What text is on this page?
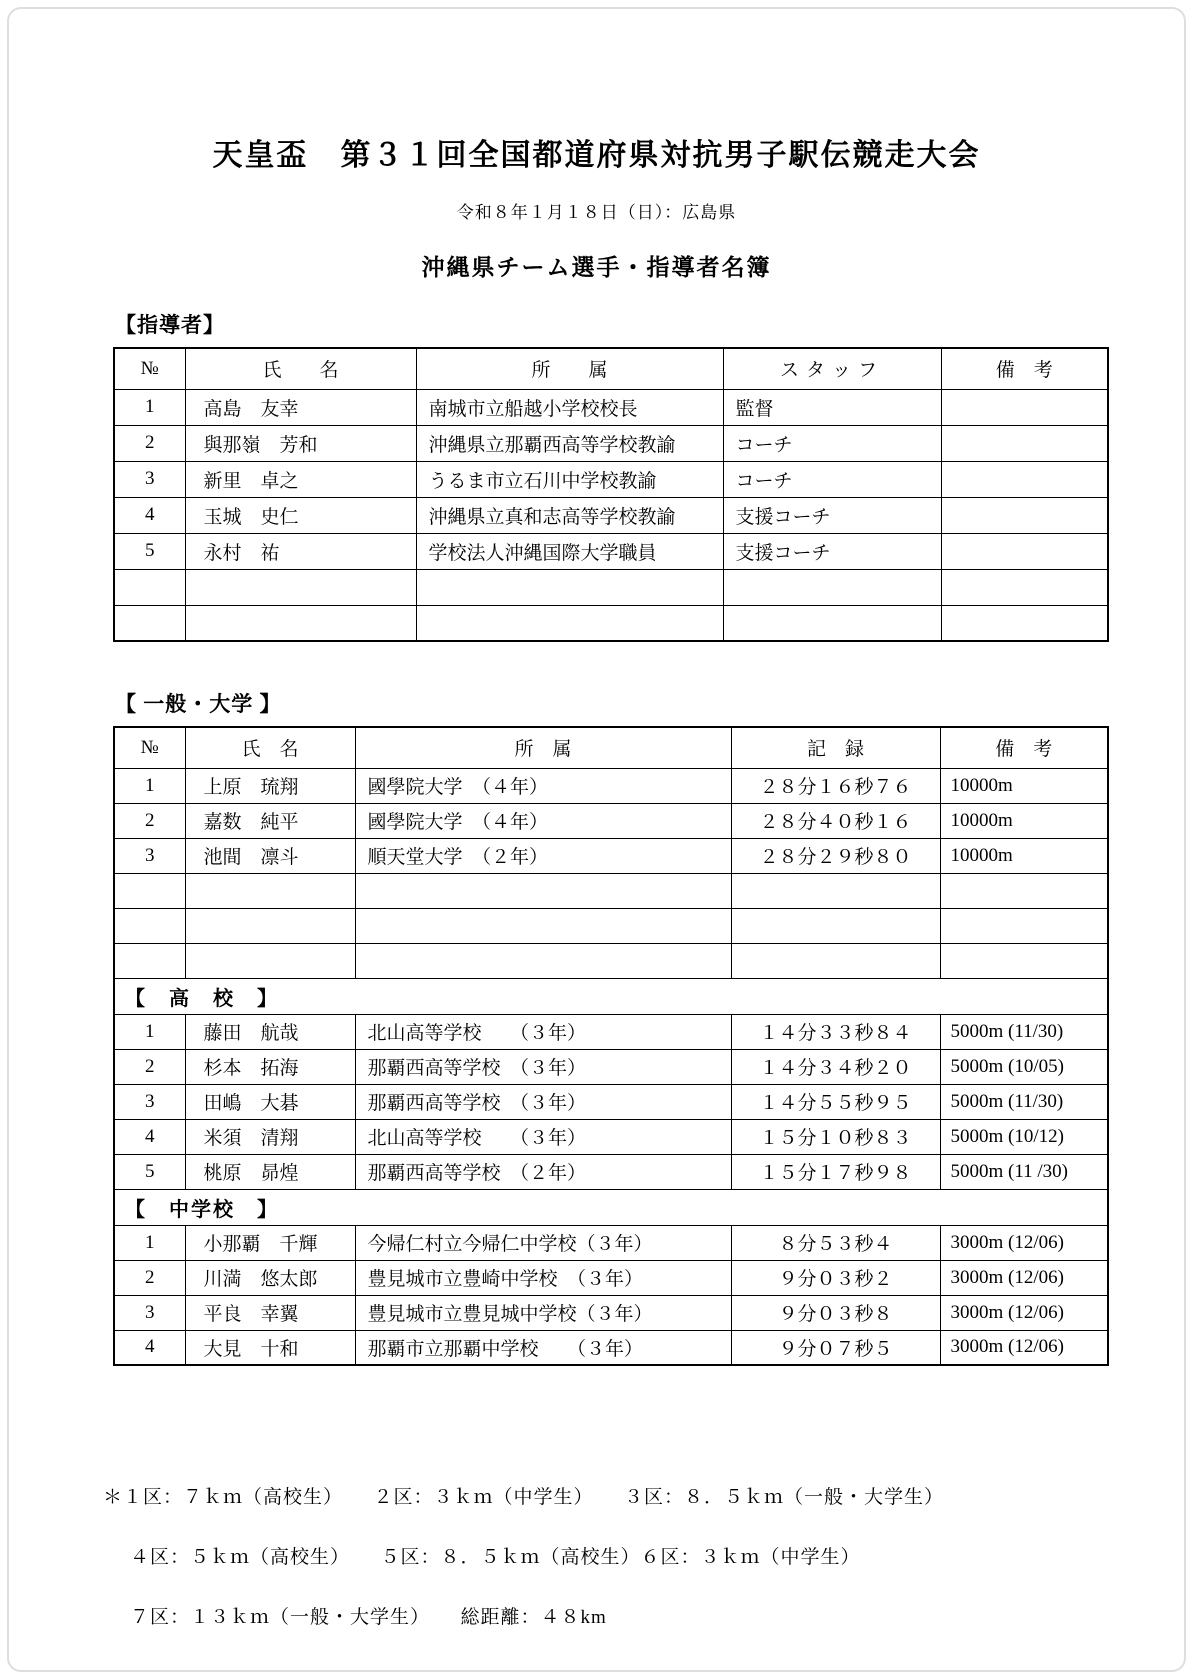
天皇盃　第３１回全国都道府県対抗男子駅伝競走大会
令和８年１月１８日（日）：広島県
沖縄県チーム選手・指導者名簿
【指導者】
№	氏　　名	所　　属	スタッフ	備　考
1	高島　友幸	南城市立船越小学校校長	監督	
2	與那嶺　芳和	沖縄県立那覇西高等学校教諭	コーチ	
3	新里　卓之	うるま市立石川中学校教諭	コーチ	
4	玉城　史仁	沖縄県立真和志高等学校教諭	支援コーチ	
5	永村　祐	学校法人沖縄国際大学職員	支援コーチ	

【 一般・大学 】
№	氏　名	所　属	記　録	備　考
1	上原　琉翔	國學院大学　（４年）	２８分１６秒７６	10000m
2	嘉数　純平	國學院大学　（４年）	２８分４０秒１６	10000m
3	池間　凛斗	順天堂大学　（２年）	２８分２９秒８０	10000m

【　高　校　】				
1	藤田　航哉	北山高等学校　　（３年）	１４分３３秒８４	5000m (11/30)
2	杉本　拓海	那覇西高等学校　（３年）	１４分３４秒２０	5000m (10/05)
3	田嶋　大碁	那覇西高等学校　（３年）	１４分５５秒９５	5000m (11/30)
4	米須　清翔	北山高等学校　　（３年）	１５分１０秒８３	5000m (10/12)
5	桃原　昴煌	那覇西高等学校　（２年）	１５分１７秒９８	5000m (11 /30)
【　中学校　】				
1	小那覇　千輝	今帰仁村立今帰仁中学校（３年）	８分５３秒４	3000m (12/06)
2	川満　悠太郎	豊見城市立豊崎中学校　（３年）	９分０３秒２	3000m (12/06)
3	平良　幸翼	豊見城市立豊見城中学校（３年）	９分０３秒８	3000m (12/06)
4	大見　十和	那覇市立那覇中学校　　（３年）	９分０７秒５	3000m (12/06)
＊１区：７ｋｍ（高校生）　　２区：３ｋｍ（中学生）　　３区：８．５ｋｍ（一般・大学生）
４区：５ｋｍ（高校生）　　５区：８．５ｋｍ（高校生）６区：３ｋｍ（中学生）
７区：１３ｋｍ（一般・大学生）　　総距離：４８km
